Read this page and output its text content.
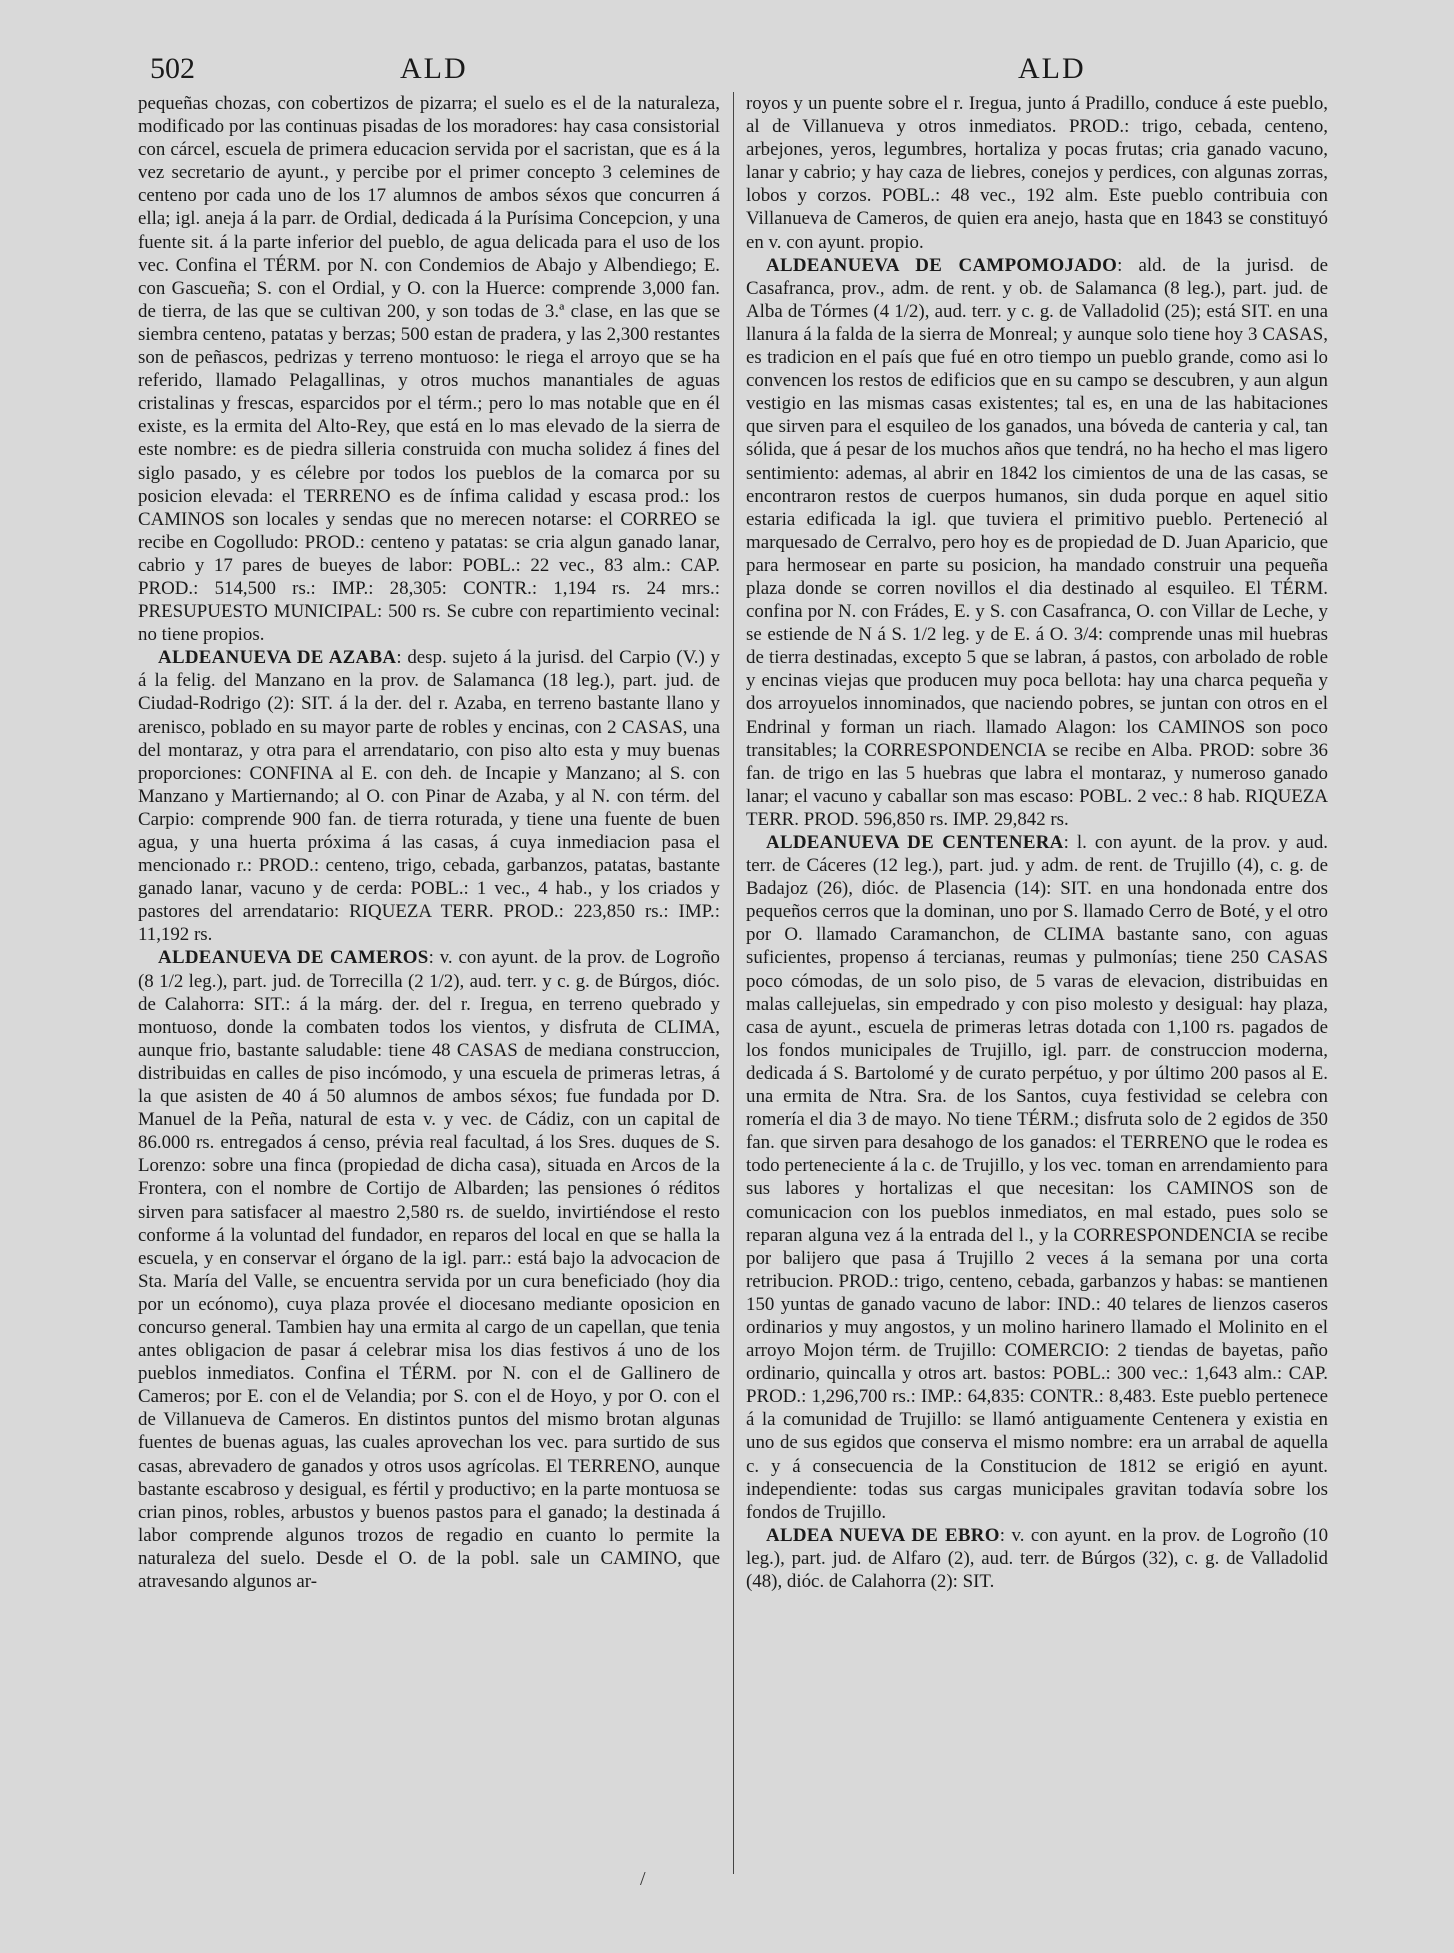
502	ALD	ALD

pequeñas chozas, con cobertizos de pizarra; el suelo es el de la naturaleza, modificado por las continuas pisadas de los moradores: hay casa consistorial con cárcel, escuela de primera educacion servida por el sacristan, que es á la vez secretario de ayunt., y percibe por el primer concepto 3 celemines de centeno por cada uno de los 17 alumnos de ambos séxos que concurren á ella; igl. aneja á la parr. de Ordial, dedicada á la Purísima Concepcion, y una fuente sit. á la parte inferior del pueblo, de agua delicada para el uso de los vec. Confina el TÉRM. por N. con Condemios de Abajo y Albendiego; E. con Gascueña; S. con el Ordial, y O. con la Huerce: comprende 3,000 fan. de tierra, de las que se cultivan 200, y son todas de 3.ª clase, en las que se siembra centeno, patatas y berzas; 500 estan de pradera, y las 2,300 restantes son de peñascos, pedrizas y terreno montuoso: le riega el arroyo que se ha referido, llamado Pelagallinas, y otros muchos manantiales de aguas cristalinas y frescas, esparcidos por el térm.; pero lo mas notable que en él existe, es la ermita del Alto-Rey, que está en lo mas elevado de la sierra de este nombre: es de piedra silleria construida con mucha solidez á fines del siglo pasado, y es célebre por todos los pueblos de la comarca por su posicion elevada: el TERRENO es de ínfima calidad y escasa prod.: los CAMINOS son locales y sendas que no merecen notarse: el CORREO se recibe en Cogolludo: PROD.: centeno y patatas: se cria algun ganado lanar, cabrio y 17 pares de bueyes de labor: POBL.: 22 vec., 83 alm.: CAP. PROD.: 514,500 rs.: IMP.: 28,305: CONTR.: 1,194 rs. 24 mrs.: PRESUPUESTO MUNICIPAL: 500 rs. Se cubre con repartimiento vecinal: no tiene propios.

ALDEANUEVA DE AZABA: desp. sujeto á la jurisd. del Carpio (V.) y á la felig. del Manzano en la prov. de Salamanca (18 leg.), part. jud. de Ciudad-Rodrigo (2): SIT. á la der. del r. Azaba, en terreno bastante llano y arenisco, poblado en su mayor parte de robles y encinas, con 2 CASAS, una del montaraz, y otra para el arrendatario, con piso alto esta y muy buenas proporciones: CONFINA al E. con deh. de Incapie y Manzano; al S. con Manzano y Martiernando; al O. con Pinar de Azaba, y al N. con térm. del Carpio: comprende 900 fan. de tierra roturada, y tiene una fuente de buen agua, y una huerta próxima á las casas, á cuya inmediacion pasa el mencionado r.: PROD.: centeno, trigo, cebada, garbanzos, patatas, bastante ganado lanar, vacuno y de cerda: POBL.: 1 vec., 4 hab., y los criados y pastores del arrendatario: RIQUEZA TERR. PROD.: 223,850 rs.: IMP.: 11,192 rs.

ALDEANUEVA DE CAMEROS: v. con ayunt. de la prov. de Logroño (8 1/2 leg.), part. jud. de Torrecilla (2 1/2), aud. terr. y c. g. de Búrgos, dióc. de Calahorra: SIT.: á la márg. der. del r. Iregua, en terreno quebrado y montuoso, donde la combaten todos los vientos, y disfruta de CLIMA, aunque frio, bastante saludable: tiene 48 CASAS de mediana construccion, distribuidas en calles de piso incómodo, y una escuela de primeras letras, á la que asisten de 40 á 50 alumnos de ambos séxos; fue fundada por D. Manuel de la Peña, natural de esta v. y vec. de Cádiz, con un capital de 86.000 rs. entregados á censo, prévia real facultad, á los Sres. duques de S. Lorenzo: sobre una finca (propiedad de dicha casa), situada en Arcos de la Frontera, con el nombre de Cortijo de Albarden; las pensiones ó réditos sirven para satisfacer al maestro 2,580 rs. de sueldo, invirtiéndose el resto conforme á la voluntad del fundador, en reparos del local en que se halla la escuela, y en conservar el órgano de la igl. parr.: está bajo la advocacion de Sta. María del Valle, se encuentra servida por un cura beneficiado (hoy dia por un ecónomo), cuya plaza provée el diocesano mediante oposicion en concurso general. Tambien hay una ermita al cargo de un capellan, que tenia antes obligacion de pasar á celebrar misa los dias festivos á uno de los pueblos inmediatos. Confina el TÉRM. por N. con el de Gallinero de Cameros; por E. con el de Velandia; por S. con el de Hoyo, y por O. con el de Villanueva de Cameros. En distintos puntos del mismo brotan algunas fuentes de buenas aguas, las cuales aprovechan los vec. para surtido de sus casas, abrevadero de ganados y otros usos agrícolas. El TERRENO, aunque bastante escabroso y desigual, es fértil y productivo; en la parte montuosa se crian pinos, robles, arbustos y buenos pastos para el ganado; la destinada á labor comprende algunos trozos de regadio en cuanto lo permite la naturaleza del suelo. Desde el O. de la pobl. sale un CAMINO, que atravesando algunos ar-

royos y un puente sobre el r. Iregua, junto á Pradillo, conduce á este pueblo, al de Villanueva y otros inmediatos. PROD.: trigo, cebada, centeno, arbejones, yeros, legumbres, hortaliza y pocas frutas; cria ganado vacuno, lanar y cabrio; y hay caza de liebres, conejos y perdices, con algunas zorras, lobos y corzos. POBL.: 48 vec., 192 alm. Este pueblo contribuia con Villanueva de Cameros, de quien era anejo, hasta que en 1843 se constituyó en v. con ayunt. propio.

ALDEANUEVA DE CAMPOMOJADO: ald. de la jurisd. de Casafranca, prov., adm. de rent. y ob. de Salamanca (8 leg.), part. jud. de Alba de Tórmes (4 1/2), aud. terr. y c. g. de Valladolid (25); está SIT. en una llanura á la falda de la sierra de Monreal; y aunque solo tiene hoy 3 CASAS, es tradicion en el país que fué en otro tiempo un pueblo grande, como asi lo convencen los restos de edificios que en su campo se descubren, y aun algun vestigio en las mismas casas existentes; tal es, en una de las habitaciones que sirven para el esquileo de los ganados, una bóveda de canteria y cal, tan sólida, que á pesar de los muchos años que tendrá, no ha hecho el mas ligero sentimiento: ademas, al abrir en 1842 los cimientos de una de las casas, se encontraron restos de cuerpos humanos, sin duda porque en aquel sitio estaria edificada la igl. que tuviera el primitivo pueblo. Perteneció al marquesado de Cerralvo, pero hoy es de propiedad de D. Juan Aparicio, que para hermosear en parte su posicion, ha mandado construir una pequeña plaza donde se corren novillos el dia destinado al esquileo. El TÉRM. confina por N. con Frádes, E. y S. con Casafranca, O. con Villar de Leche, y se estiende de N á S. 1/2 leg. y de E. á O. 3/4: comprende unas mil huebras de tierra destinadas, excepto 5 que se labran, á pastos, con arbolado de roble y encinas viejas que producen muy poca bellota: hay una charca pequeña y dos arroyuelos innominados, que naciendo pobres, se juntan con otros en el Endrinal y forman un riach. llamado Alagon: los CAMINOS son poco transitables; la CORRESPONDENCIA se recibe en Alba. PROD: sobre 36 fan. de trigo en las 5 huebras que labra el montaraz, y numeroso ganado lanar; el vacuno y caballar son mas escaso: POBL. 2 vec.: 8 hab. RIQUEZA TERR. PROD. 596,850 rs. IMP. 29,842 rs.

ALDEANUEVA DE CENTENERA: l. con ayunt. de la prov. y aud. terr. de Cáceres (12 leg.), part. jud. y adm. de rent. de Trujillo (4), c. g. de Badajoz (26), dióc. de Plasencia (14): SIT. en una hondonada entre dos pequeños cerros que la dominan, uno por S. llamado Cerro de Boté, y el otro por O. llamado Caramanchon, de CLIMA bastante sano, con aguas suficientes, propenso á tercianas, reumas y pulmonías; tiene 250 CASAS poco cómodas, de un solo piso, de 5 varas de elevacion, distribuidas en malas callejuelas, sin empedrado y con piso molesto y desigual: hay plaza, casa de ayunt., escuela de primeras letras dotada con 1,100 rs. pagados de los fondos municipales de Trujillo, igl. parr. de construccion moderna, dedicada á S. Bartolomé y de curato perpétuo, y por último 200 pasos al E. una ermita de Ntra. Sra. de los Santos, cuya festividad se celebra con romería el dia 3 de mayo. No tiene TÉRM.; disfruta solo de 2 egidos de 350 fan. que sirven para desahogo de los ganados: el TERRENO que le rodea es todo perteneciente á la c. de Trujillo, y los vec. toman en arrendamiento para sus labores y hortalizas el que necesitan: los CAMINOS son de comunicacion con los pueblos inmediatos, en mal estado, pues solo se reparan alguna vez á la entrada del l., y la CORRESPONDENCIA se recibe por balijero que pasa á Trujillo 2 veces á la semana por una corta retribucion. PROD.: trigo, centeno, cebada, garbanzos y habas: se mantienen 150 yuntas de ganado vacuno de labor: IND.: 40 telares de lienzos caseros ordinarios y muy angostos, y un molino harinero llamado el Molinito en el arroyo Mojon térm. de Trujillo: COMERCIO: 2 tiendas de bayetas, paño ordinario, quincalla y otros art. bastos: POBL.: 300 vec.: 1,643 alm.: CAP. PROD.: 1,296,700 rs.: IMP.: 64,835: CONTR.: 8,483. Este pueblo pertenece á la comunidad de Trujillo: se llamó antiguamente Centenera y existia en uno de sus egidos que conserva el mismo nombre: era un arrabal de aquella c. y á consecuencia de la Constitucion de 1812 se erigió en ayunt. independiente: todas sus cargas municipales gravitan todavía sobre los fondos de Trujillo.

ALDEA NUEVA DE EBRO: v. con ayunt. en la prov. de Logroño (10 leg.), part. jud. de Alfaro (2), aud. terr. de Búrgos (32), c. g. de Valladolid (48), dióc. de Calahorra (2): SIT.

/
